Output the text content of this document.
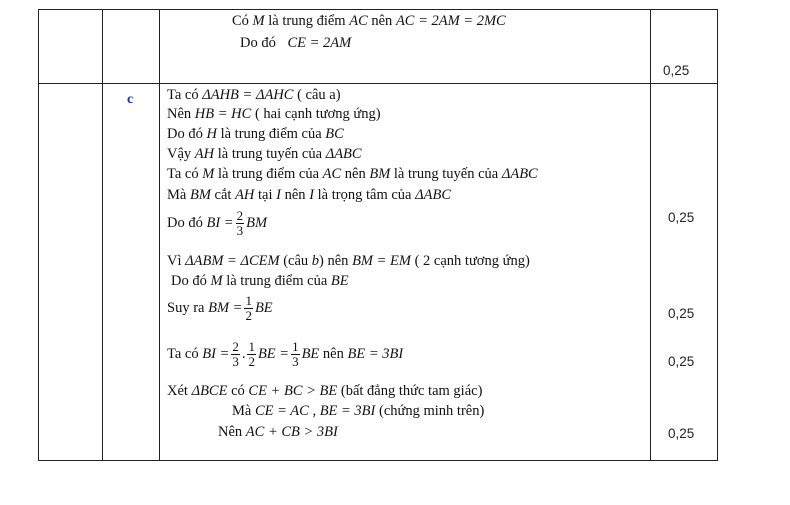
Có M là trung điểm AC nên AC = 2AM = 2MC
Do đó CE = 2AM
0,25
c Ta có ΔAHB = ΔAHC ( câu a)
Nên HB = HC ( hai cạnh tương ứng)
Do đó H là trung điểm của BC
Vậy AH là trung tuyến của ΔABC
Ta có M là trung điểm của AC nên BM là trung tuyến của ΔABC
Mà BM cắt AH tại I nên I là trọng tâm của ΔABC
Do đó BI = $\frac{2}{3}$ BM
Vì ΔABM = ΔCEM (câu b) nên BM = EM ( 2 cạnh tương ứng)
Do đó M là trung điểm của BE
Suy ra BM = $\frac{1}{2}$ BE
Ta có BI = $\frac{2}{3}$ . $\frac{1}{2}$ BE = $\frac{1}{3}$ BE nên BE = 3BI
Xét ΔBCE có CE + BC > BE (bất đẳng thức tam giác)
Mà CE = AC , BE = 3BI (chứng minh trên)
Nên AC + CB > 3BI
0,25
0,25
0,25
0,25
